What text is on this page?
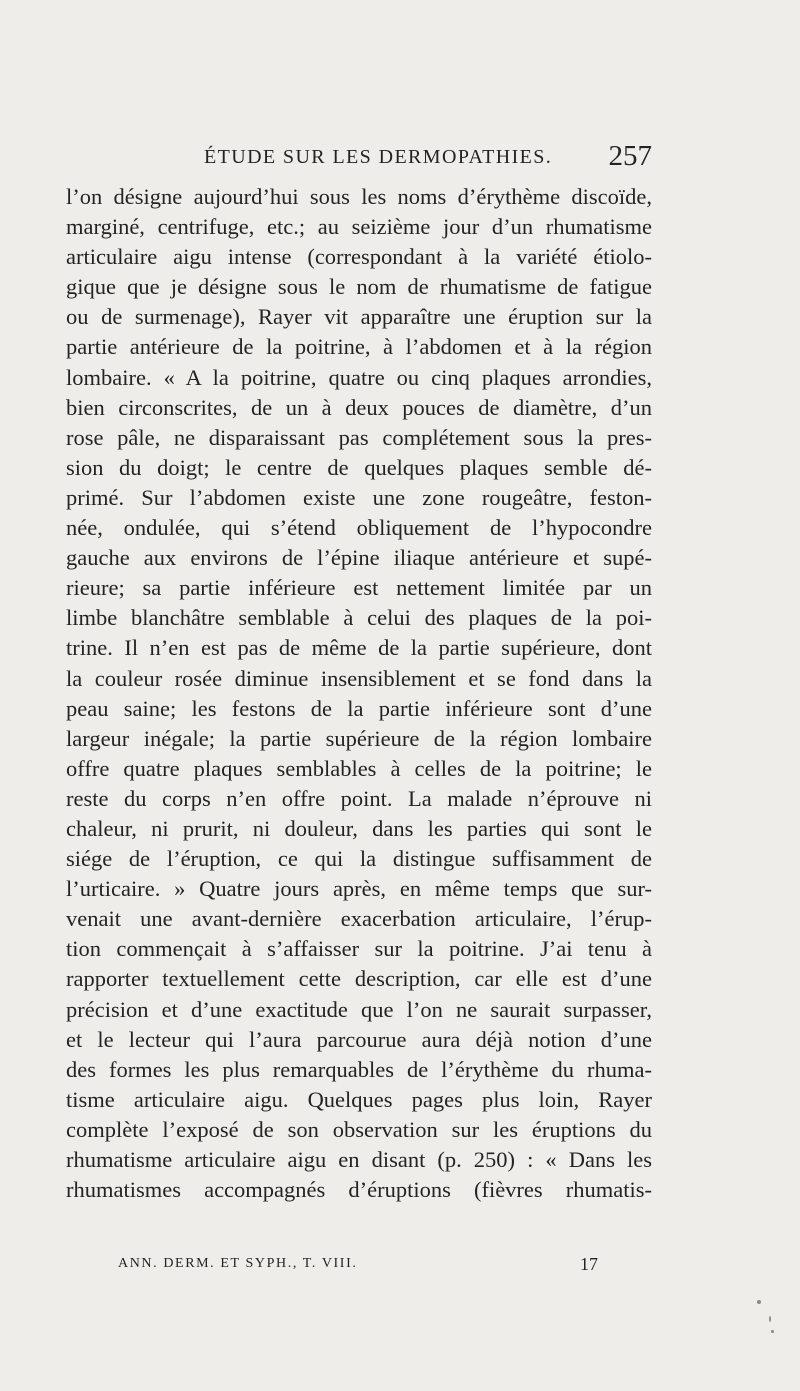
ÉTUDE SUR LES DERMOPATHIES. 257
l’on désigne aujourd’hui sous les noms d’érythème discoïde,
marginé, centrifuge, etc.; au seizième jour d’un rhumatisme
articulaire aigu intense (correspondant à la variété étiolo-
gique que je désigne sous le nom de rhumatisme de fatigue
ou de surmenage), Rayer vit apparaître une éruption sur la
partie antérieure de la poitrine, à l’abdomen et à la région
lombaire. « A la poitrine, quatre ou cinq plaques arrondies,
bien circonscrites, de un à deux pouces de diamètre, d’un
rose pâle, ne disparaissant pas complétement sous la pres-
sion du doigt; le centre de quelques plaques semble dé-
primé. Sur l’abdomen existe une zone rougeâtre, feston-
née, ondulée, qui s’étend obliquement de l’hypocondre
gauche aux environs de l’épine iliaque antérieure et supé-
rieure; sa partie inférieure est nettement limitée par un
limbe blanchâtre semblable à celui des plaques de la poi-
trine. Il n’en est pas de même de la partie supérieure, dont
la couleur rosée diminue insensiblement et se fond dans la
peau saine; les festons de la partie inférieure sont d’une
largeur inégale; la partie supérieure de la région lombaire
offre quatre plaques semblables à celles de la poitrine; le
reste du corps n’en offre point. La malade n’éprouve ni
chaleur, ni prurit, ni douleur, dans les parties qui sont le
siége de l’éruption, ce qui la distingue suffisamment de
l’urticaire. » Quatre jours après, en même temps que sur-
venait une avant-dernière exacerbation articulaire, l’érup-
tion commençait à s’affaisser sur la poitrine. J’ai tenu à
rapporter textuellement cette description, car elle est d’une
précision et d’une exactitude que l’on ne saurait surpasser,
et le lecteur qui l’aura parcourue aura déjà notion d’une
des formes les plus remarquables de l’érythème du rhuma-
tisme articulaire aigu. Quelques pages plus loin, Rayer
complète l’exposé de son observation sur les éruptions du
rhumatisme articulaire aigu en disant (p. 250) : « Dans les
rhumatismes accompagnés d’éruptions (fièvres rhumatis-
ANN. DERM. ET SYPH., T. VIII.	17
